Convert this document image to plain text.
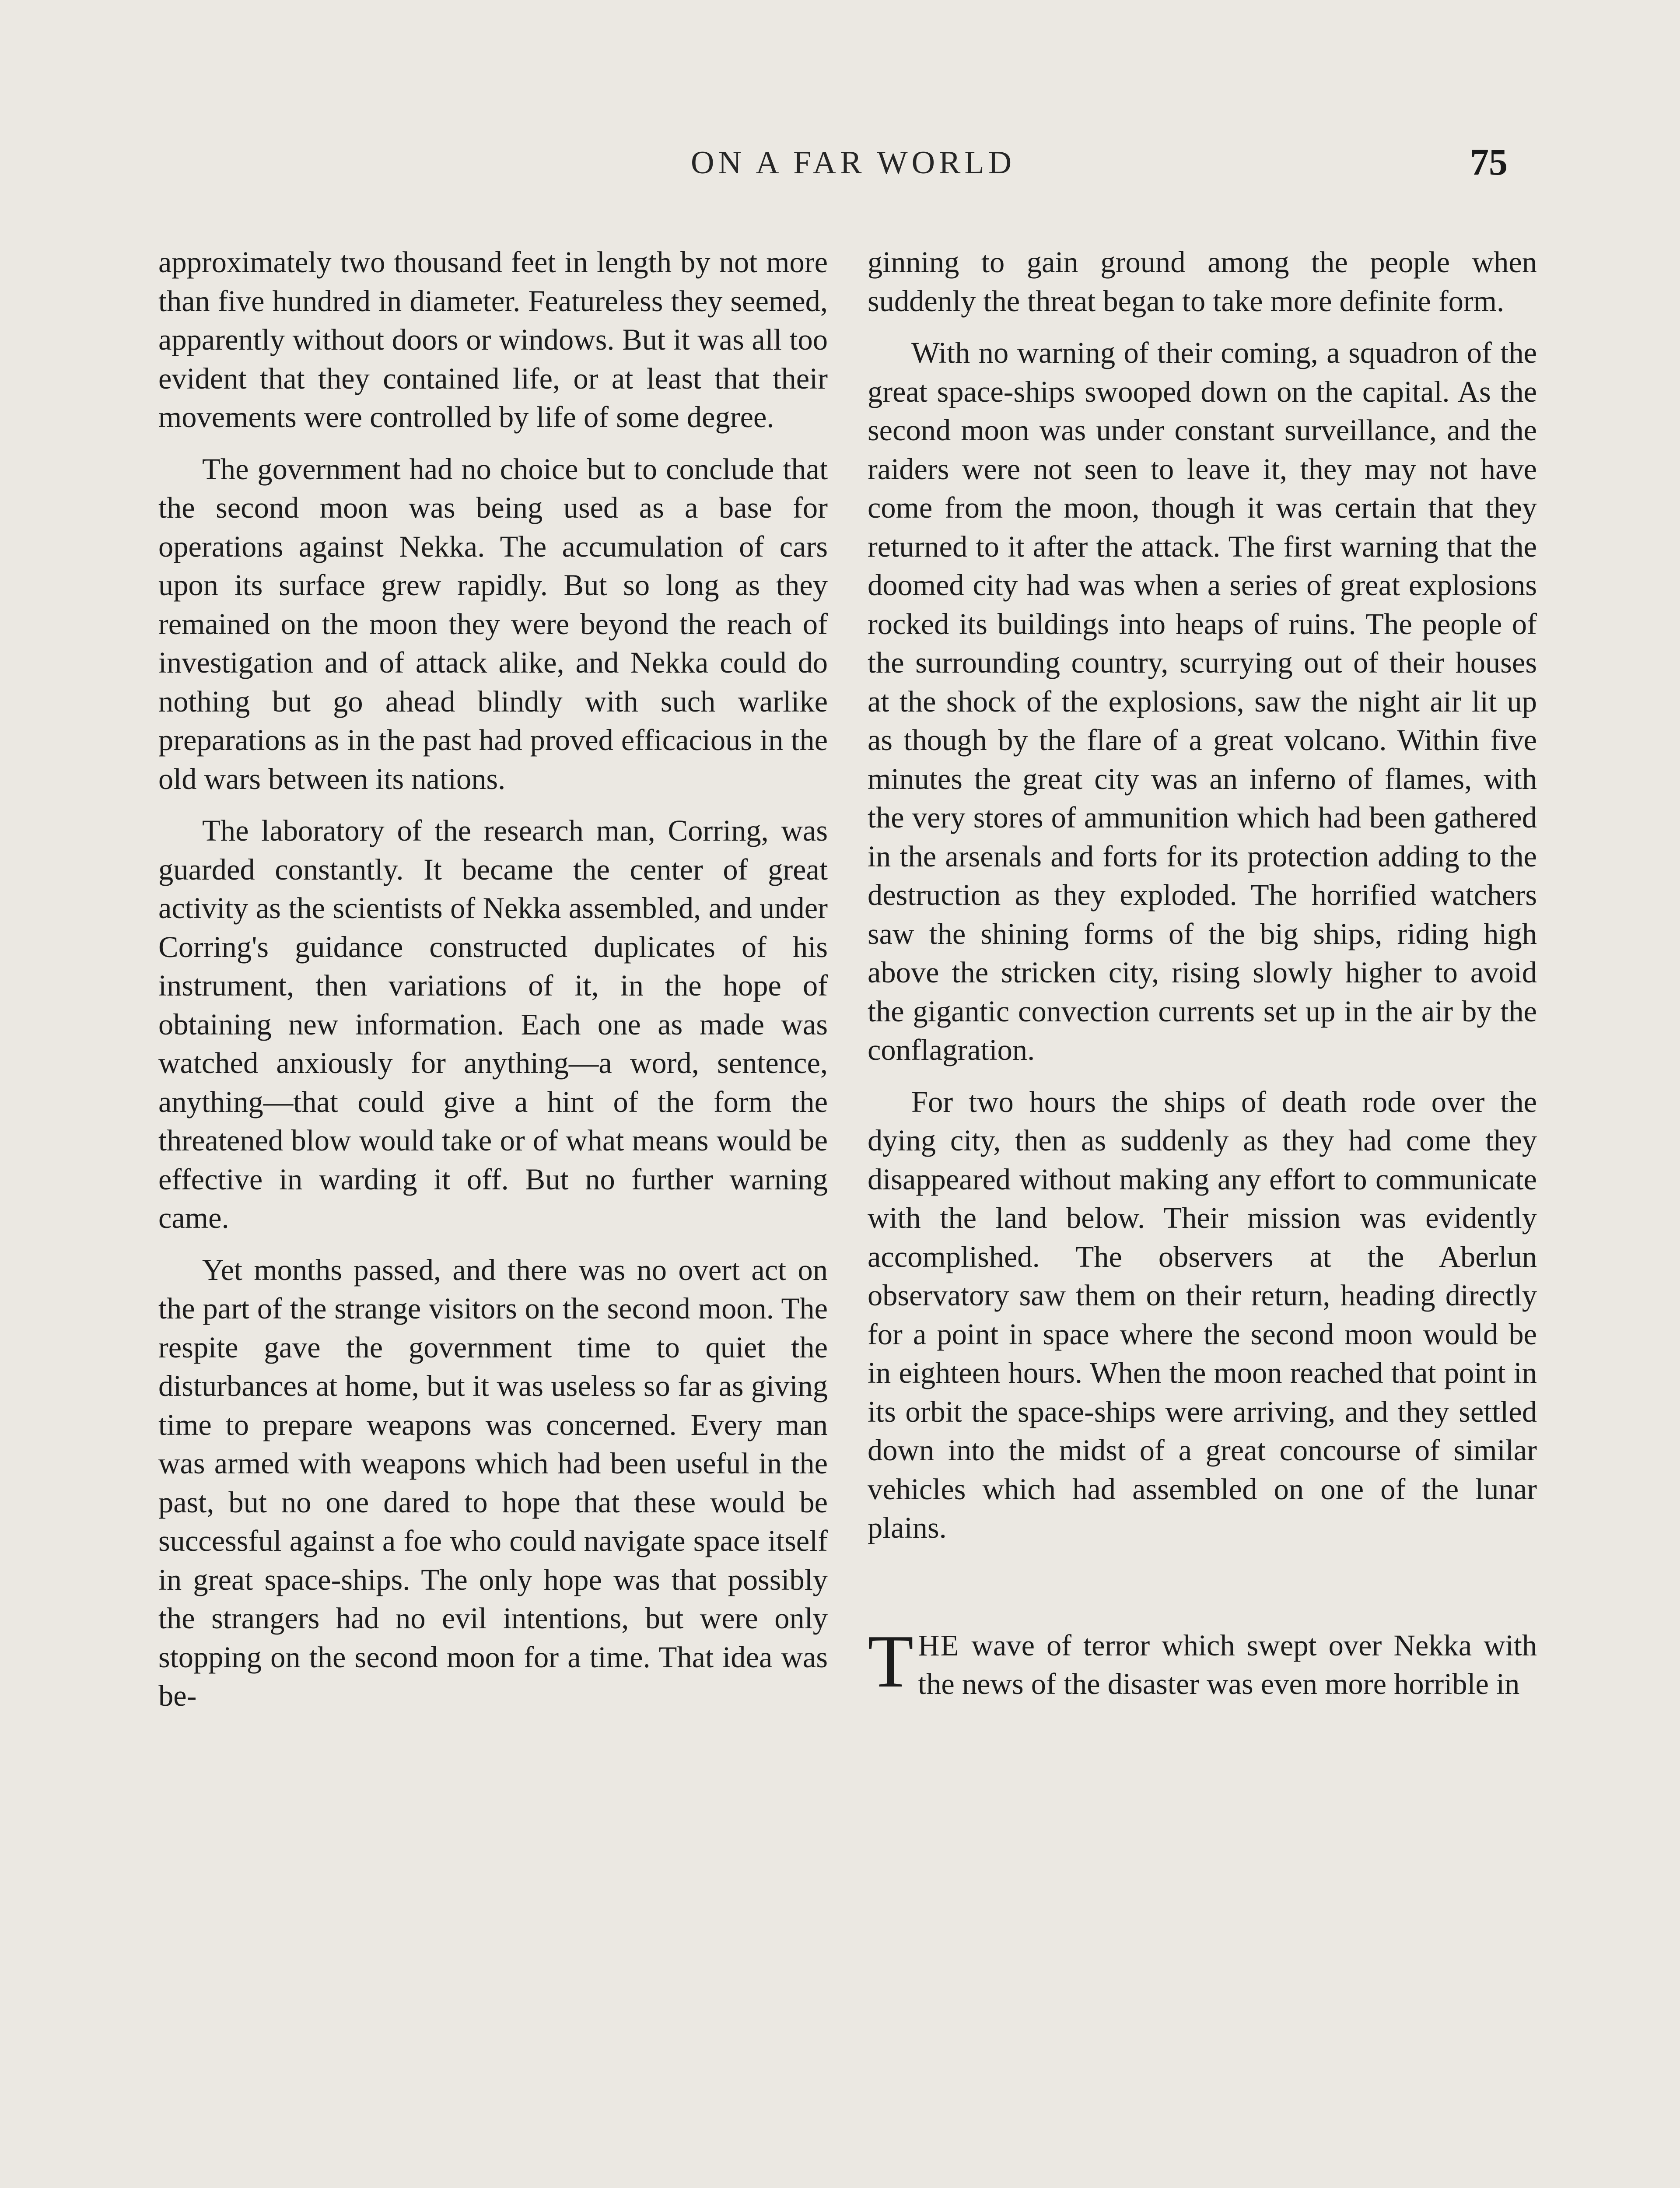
ON A FAR WORLD	75

approximately two thousand feet in length by not more than five hundred in diameter. Featureless they seemed, apparently without doors or windows. But it was all too evident that they contained life, or at least that their movements were controlled by life of some degree.

The government had no choice but to conclude that the second moon was being used as a base for operations against Nekka. The accumulation of cars upon its surface grew rapidly. But so long as they remained on the moon they were beyond the reach of investigation and of attack alike, and Nekka could do nothing but go ahead blindly with such warlike preparations as in the past had proved efficacious in the old wars between its nations.

The laboratory of the research man, Corring, was guarded constantly. It became the center of great activity as the scientists of Nekka assembled, and under Corring's guidance constructed duplicates of his instrument, then variations of it, in the hope of obtaining new information. Each one as made was watched anxiously for anything—a word, sentence, anything—that could give a hint of the form the threatened blow would take or of what means would be effective in warding it off. But no further warning came.

Yet months passed, and there was no overt act on the part of the strange visitors on the second moon. The respite gave the government time to quiet the disturbances at home, but it was useless so far as giving time to prepare weapons was concerned. Every man was armed with weapons which had been useful in the past, but no one dared to hope that these would be successful against a foe who could navigate space itself in great space-ships. The only hope was that possibly the strangers had no evil intentions, but were only stopping on the second moon for a time. That idea was be-

ginning to gain ground among the people when suddenly the threat began to take more definite form.

With no warning of their coming, a squadron of the great space-ships swooped down on the capital. As the second moon was under constant surveillance, and the raiders were not seen to leave it, they may not have come from the moon, though it was certain that they returned to it after the attack. The first warning that the doomed city had was when a series of great explosions rocked its buildings into heaps of ruins. The people of the surrounding country, scurrying out of their houses at the shock of the explosions, saw the night air lit up as though by the flare of a great volcano. Within five minutes the great city was an inferno of flames, with the very stores of ammunition which had been gathered in the arsenals and forts for its protection adding to the destruction as they exploded. The horrified watchers saw the shining forms of the big ships, riding high above the stricken city, rising slowly higher to avoid the gigantic convection currents set up in the air by the conflagration.

For two hours the ships of death rode over the dying city, then as suddenly as they had come they disappeared without making any effort to communicate with the land below. Their mission was evidently accomplished. The observers at the Aberlun observatory saw them on their return, heading directly for a point in space where the second moon would be in eighteen hours. When the moon reached that point in its orbit the space-ships were arriving, and they settled down into the midst of a great concourse of similar vehicles which had assembled on one of the lunar plains.

THE wave of terror which swept over Nekka with the news of the disaster was even more horrible in
